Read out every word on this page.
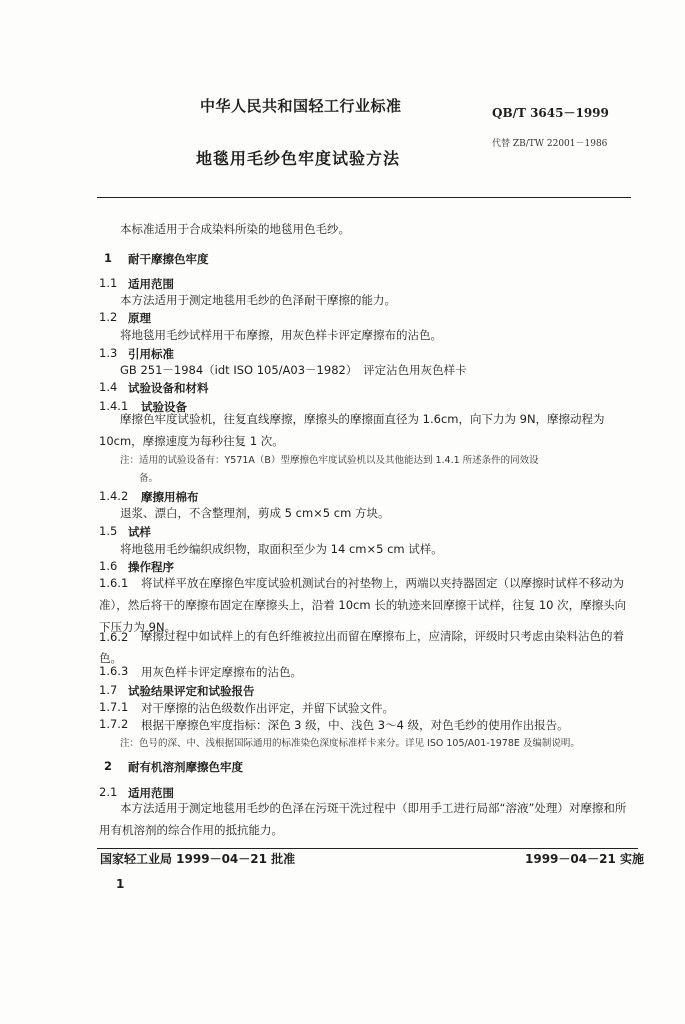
中华人民共和国轻工行业标准	QB/T 3645－1999
地毯用毛纱色牢度试验方法
代替 ZB/TW 22001－1986
本标准适用于合成染料所染的地毯用色毛纱。
1 耐干摩擦色牢度
1.1 适用范围
本方法适用于测定地毯用毛纱的色泽耐干摩擦的能力。
1.2 原理
将地毯用毛纱试样用干布摩擦，用灰色样卡评定摩擦布的沾色。
1.3 引用标准
GB 251－1984（idt ISO 105/A03－1982）　评定沾色用灰色样卡
1.4 试验设备和材料
1.4.1 试验设备
摩擦色牢度试验机，往复直线摩擦，摩擦头的摩擦面直径为 1.6cm，向下力为 9N，摩擦动程为 10cm，摩擦速度为每秒往复 1 次。
注：适用的试验设备有：Y571A（B）型摩擦色牢度试验机以及其他能达到 1.4.1 所述条件的同效设
备。
1.4.2 摩擦用棉布
退浆、漂白，不含整理剂，剪成 5 cm×5 cm 方块。
1.5 试样
将地毯用毛纱编织成织物，取面积至少为 14 cm×5 cm 试样。
1.6 操作程序
1.6.1	将试样平放在摩擦色牢度试验机测试台的衬垫物上，两端以夹持器固定（以摩擦时试样不移动为准），然后将干的摩擦布固定在摩擦头上，沿着 10cm 长的轨迹来回摩擦干试样，往复 10 次，摩擦头向下压力为 9N。
1.6.2	摩擦过程中如试样上的有色纤维被拉出而留在摩擦布上，应清除，评级时只考虑由染料沾色的着色。
1.6.3 用灰色样卡评定摩擦布的沾色。
1.7 试验结果评定和试验报告
1.7.1 对干摩擦的沾色级数作出评定，并留下试验文件。
1.7.2 根据干摩擦色牢度指标：深色 3 级，中、浅色 3～4 级，对色毛纱的使用作出报告。
注：色号的深、中、浅根据国际通用的标准染色深度标准样卡来分。详见 ISO 105/A01-1978E 及编制说明。
2 耐有机溶剂摩擦色牢度
2.1 适用范围
本方法适用于测定地毯用毛纱的色泽在污斑干洗过程中（即用手工进行局部“溶液”处理）对摩擦和所用有机溶剂的综合作用的抵抗能力。
国家轻工业局 1999－04－21 批准	1999－04－21 实施
1
